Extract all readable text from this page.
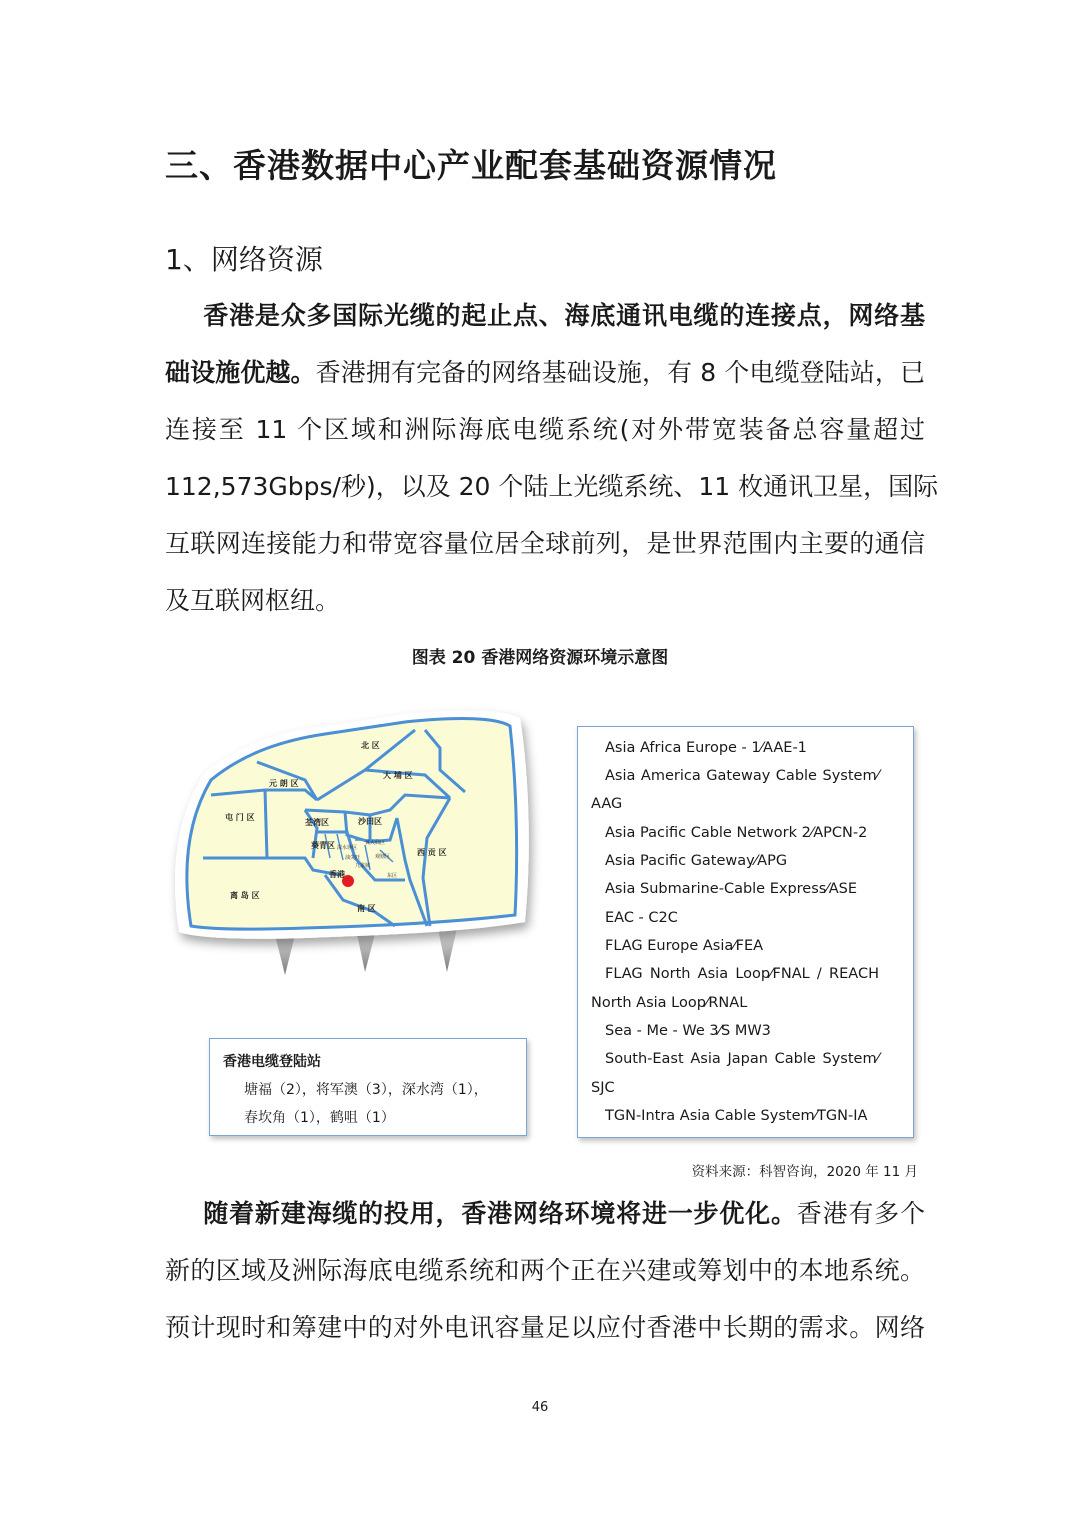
三、香港数据中心产业配套基础资源情况
1、网络资源
  香港是众多国际光缆的起止点、海底通讯电缆的连接点，网络基
础设施优越。香港拥有完备的网络基础设施，有 8 个电缆登陆站，已
连接至 11 个区域和洲际海底电缆系统(对外带宽装备总容量超过
112,573Gbps/秒)，以及 20 个陆上光缆系统、11 枚通讯卫星，国际
互联网连接能力和带宽容量位居全球前列，是世界范围内主要的通信
及互联网枢纽。
图表 20 香港网络资源环境示意图
北 区
元 朗 区
大 埔 区
屯 门 区
荃湾区	沙田区
葵青区
西 贡 区
离 岛 区
香港
南 区
深水埗区
黄大仙区
油尖旺
九龙城
观塘区
东区
香港电缆登陆站
塘福（2），将军澳（3），深水湾（1），
春坎角（1），鹤咀（1）
Asia Africa Europe - 1⁄AAE-1
Asia America Gateway Cable System⁄
AAG
Asia Pacific Cable Network 2⁄APCN-2
Asia Pacific Gateway⁄APG
Asia Submarine-Cable Express⁄ASE
EAC - C2C
FLAG Europe Asia⁄FEA
FLAG North Asia Loop⁄FNAL / REACH
North Asia Loop⁄RNAL
Sea - Me - We 3⁄S MW3
South-East Asia Japan Cable System⁄
SJC
TGN-Intra Asia Cable System⁄TGN-IA
资料来源：科智咨询，2020 年 11 月
  随着新建海缆的投用，香港网络环境将进一步优化。香港有多个
新的区域及洲际海底电缆系统和两个正在兴建或筹划中的本地系统。
预计现时和筹建中的对外电讯容量足以应付香港中长期的需求。网络
46
